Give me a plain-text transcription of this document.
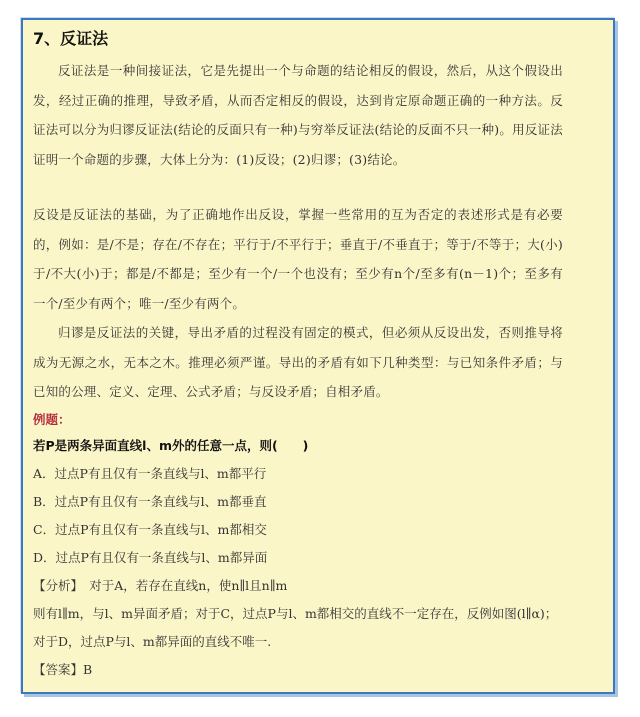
7、反证法

反证法是一种间接证法，它是先提出一个与命题的结论相反的假设，然后，从这个假设出发，经过正确的推理，导致矛盾，从而否定相反的假设，达到肯定原命题正确的一种方法。反证法可以分为归谬反证法(结论的反面只有一种)与穷举反证法(结论的反面不只一种)。用反证法证明一个命题的步骤，大体上分为：(1)反设；(2)归谬；(3)结论。

反设是反证法的基础，为了正确地作出反设，掌握一些常用的互为否定的表述形式是有必要的，例如：是/不是；存在/不存在；平行于/不平行于；垂直于/不垂直于；等于/不等于；大(小)于/不大(小)于；都是/不都是；至少有一个/一个也没有；至少有n个/至多有(n－1)个；至多有一个/至少有两个；唯一/至少有两个。

归谬是反证法的关键，导出矛盾的过程没有固定的模式，但必须从反设出发，否则推导将成为无源之水，无本之木。推理必须严谨。导出的矛盾有如下几种类型：与已知条件矛盾；与已知的公理、定义、定理、公式矛盾；与反设矛盾；自相矛盾。

例题：
若P是两条异面直线l、m外的任意一点，则(　　)
A．过点P有且仅有一条直线与l、m都平行
B．过点P有且仅有一条直线与l、m都垂直
C．过点P有且仅有一条直线与l、m都相交
D．过点P有且仅有一条直线与l、m都异面
【分析】　对于A，若存在直线n，使n∥l且n∥m
则有l∥m，与l、m异面矛盾；对于C，过点P与l、m都相交的直线不一定存在，反例如图(l∥α)；
对于D，过点P与l、m都异面的直线不唯一.
【答案】B
